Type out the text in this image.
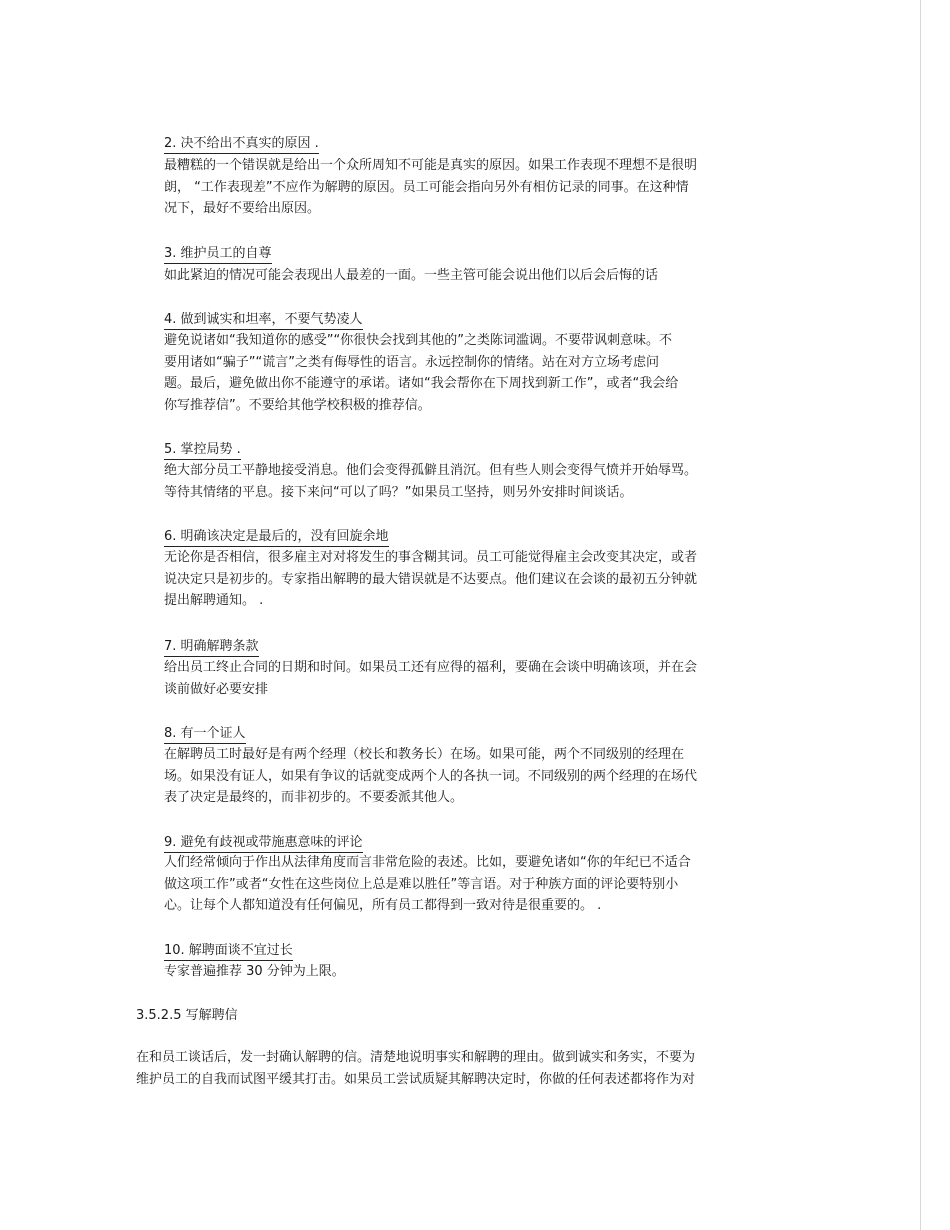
2. 决不给出不真实的原因 .
最糟糕的一个错误就是给出一个众所周知不可能是真实的原因。如果工作表现不理想不是很明
朗， “工作表现差”不应作为解聘的原因。员工可能会指向另外有相仿记录的同事。在这种情
况下，最好不要给出原因。
3. 维护员工的自尊
如此紧迫的情况可能会表现出人最差的一面。一些主管可能会说出他们以后会后悔的话
4. 做到诚实和坦率，不要气势凌人
避免说诸如“我知道你的感受”“你很快会找到其他的”之类陈词滥调。不要带讽刺意味。不
要用诸如“骗子”“谎言”之类有侮辱性的语言。永远控制你的情绪。站在对方立场考虑问
题。最后，避免做出你不能遵守的承诺。诸如“我会帮你在下周找到新工作”，或者“我会给
你写推荐信”。不要给其他学校积极的推荐信。
5. 掌控局势 .
绝大部分员工平静地接受消息。他们会变得孤僻且消沉。但有些人则会变得气愤并开始辱骂。
等待其情绪的平息。接下来问“可以了吗？”如果员工坚持，则另外安排时间谈话。
6. 明确该决定是最后的，没有回旋余地
无论你是否相信，很多雇主对对将发生的事含糊其词。员工可能觉得雇主会改变其决定，或者
说决定只是初步的。专家指出解聘的最大错误就是不达要点。他们建议在会谈的最初五分钟就
提出解聘通知。 .
7. 明确解聘条款
给出员工终止合同的日期和时间。如果员工还有应得的福利，要确在会谈中明确该项，并在会
谈前做好必要安排
8. 有一个证人
在解聘员工时最好是有两个经理（校长和教务长）在场。如果可能，两个不同级别的经理在
场。如果没有证人，如果有争议的话就变成两个人的各执一词。不同级别的两个经理的在场代
表了决定是最终的，而非初步的。不要委派其他人。
9. 避免有歧视或带施惠意味的评论
人们经常倾向于作出从法律角度而言非常危险的表述。比如，要避免诸如“你的年纪已不适合
做这项工作”或者“女性在这些岗位上总是难以胜任”等言语。对于种族方面的评论要特别小
心。让每个人都知道没有任何偏见，所有员工都得到一致对待是很重要的。 .
10. 解聘面谈不宜过长
专家普遍推荐 30 分钟为上限。
3.5.2.5 写解聘信
在和员工谈话后，发一封确认解聘的信。清楚地说明事实和解聘的理由。做到诚实和务实，不要为
维护员工的自我而试图平缓其打击。如果员工尝试质疑其解聘决定时，你做的任何表述都将作为对
